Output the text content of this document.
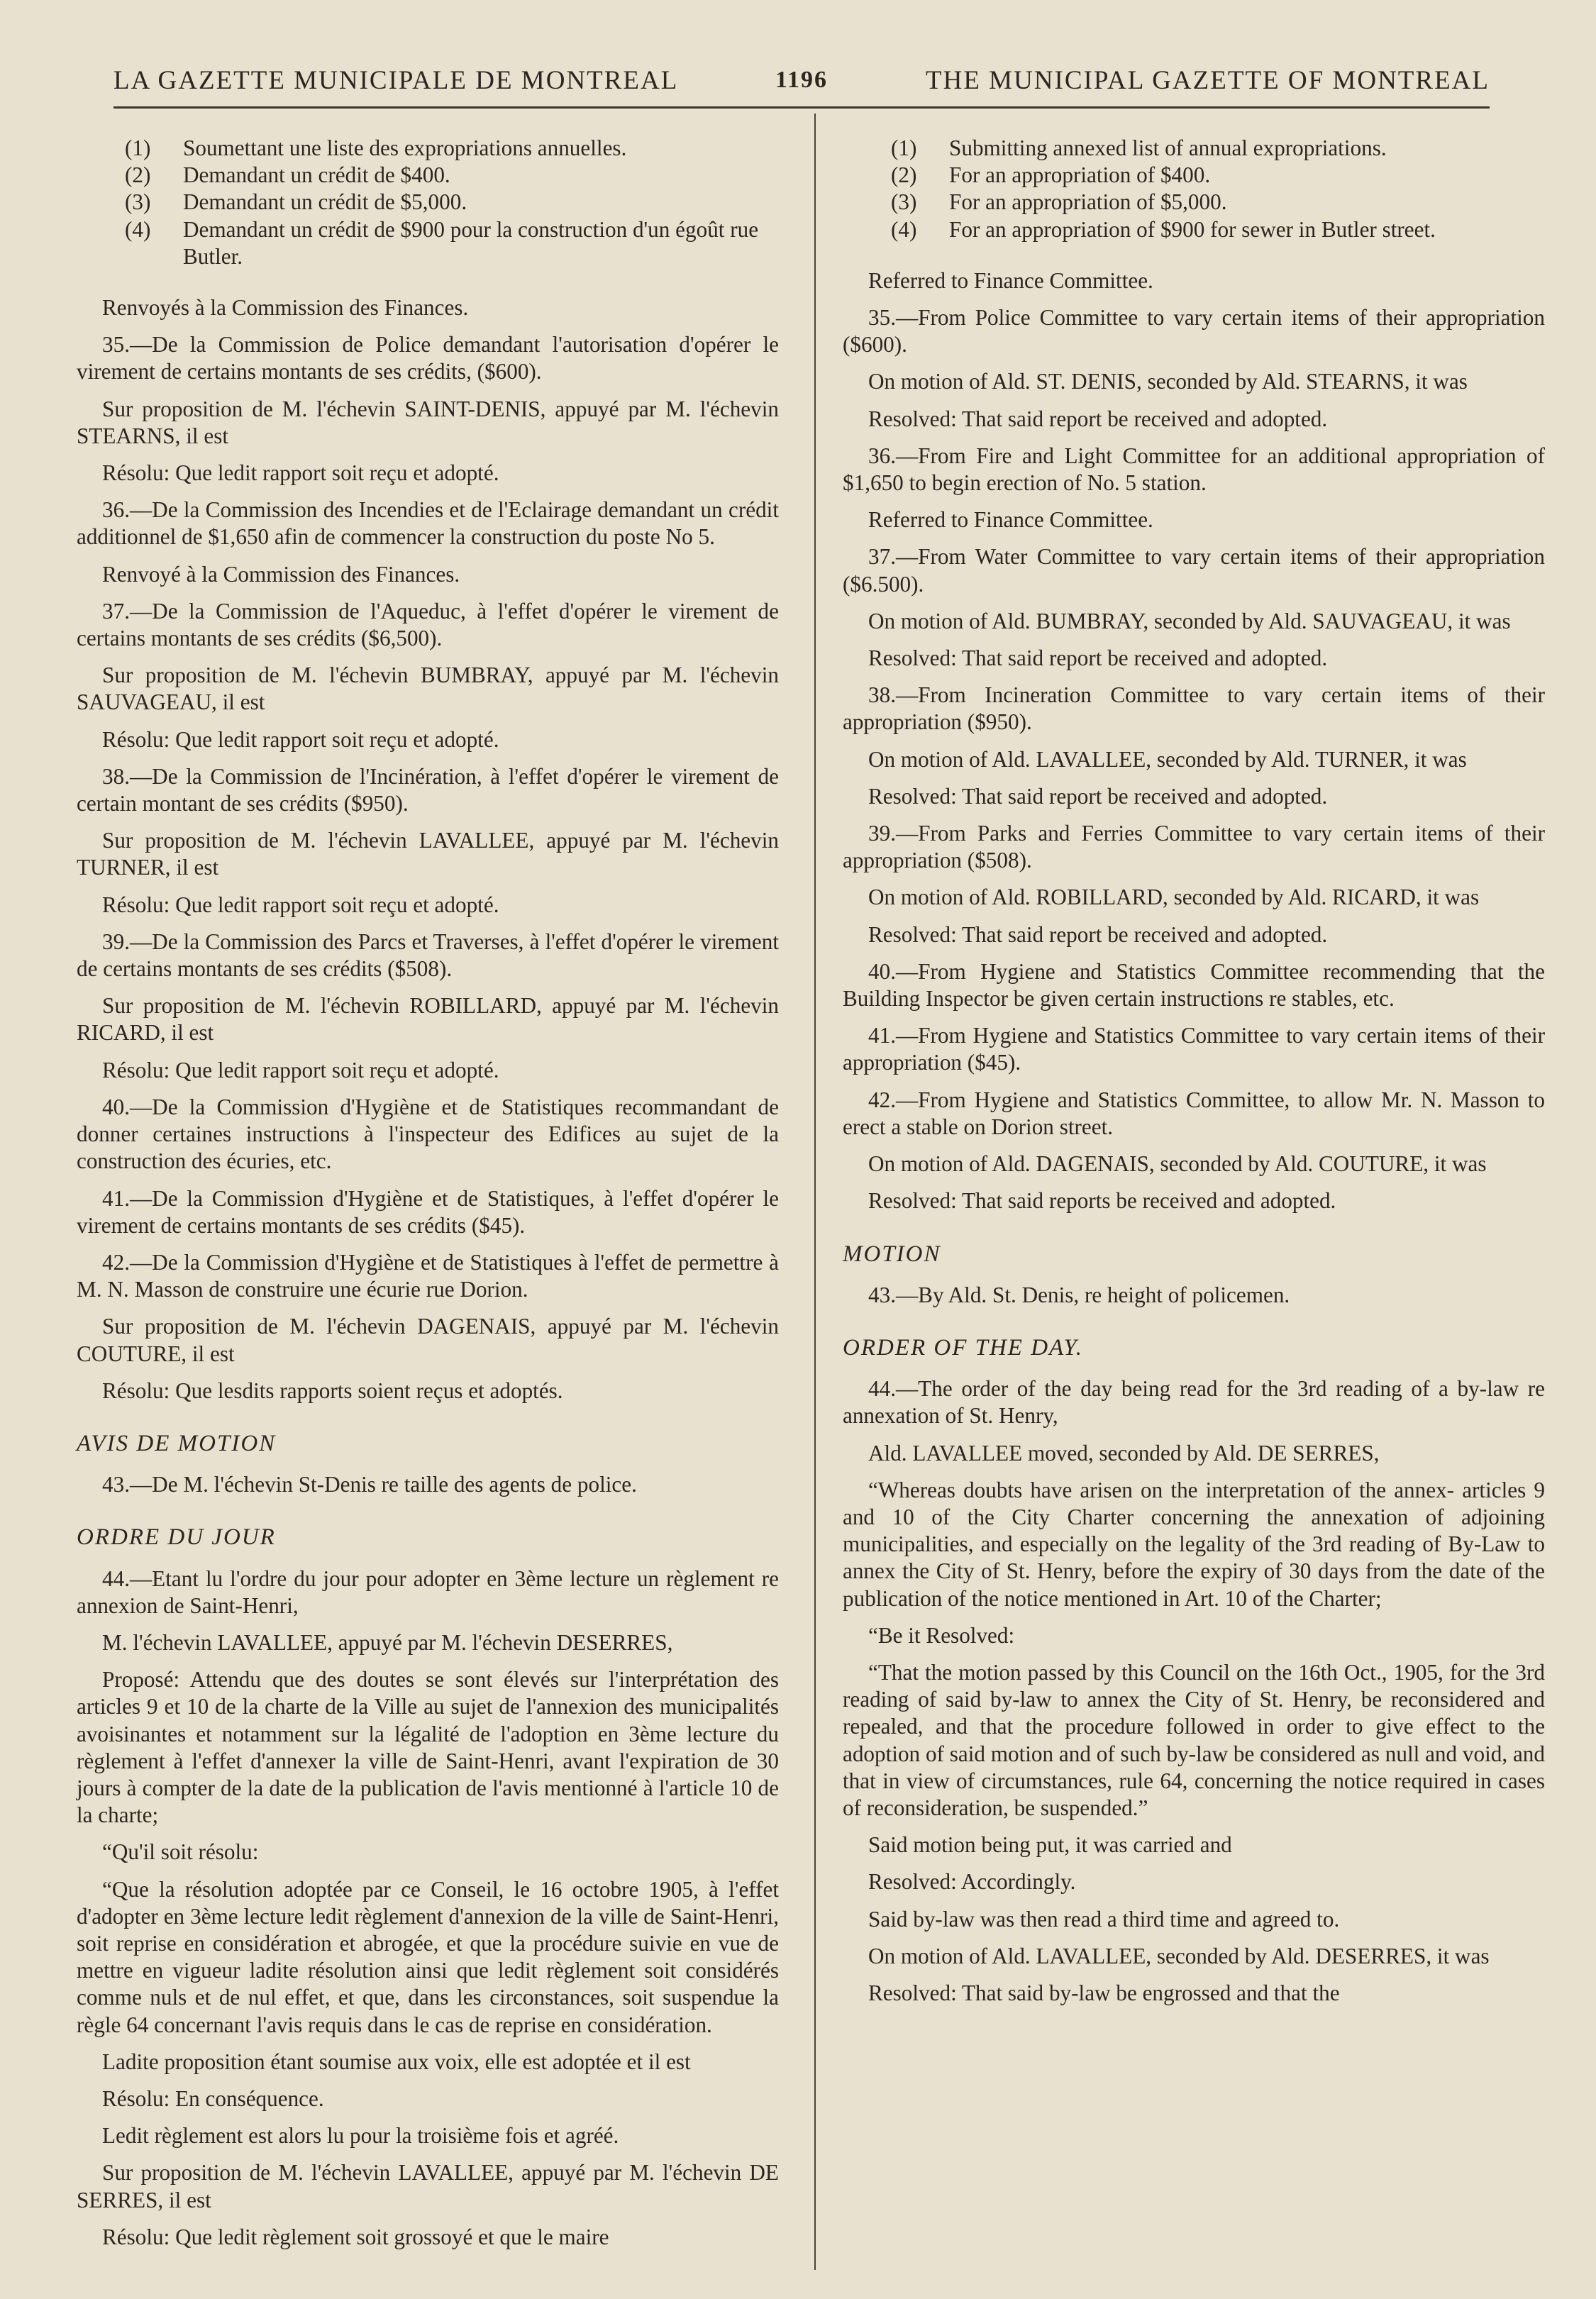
LA GAZETTE MUNICIPALE DE MONTREAL	1196	THE MUNICIPAL GAZETTE OF MONTREAL
(1)	Soumettant une liste des expropriations annuelles.
(2)	Demandant un crédit de $400.
(3)	Demandant un crédit de $5,000.
(4)	Demandant un crédit de $900 pour la construction d'un égoût rue Butler.

Renvoyés à la Commission des Finances.

35.—De la Commission de Police demandant l'autorisation d'opérer le virement de certains montants de ses crédits, ($600).

Sur proposition de M. l'échevin SAINT-DENIS, appuyé par M. l'échevin STEARNS, il est

Résolu: Que ledit rapport soit reçu et adopté.

36.—De la Commission des Incendies et de l'Eclairage demandant un crédit additionnel de $1,650 afin de commencer la construction du poste No 5.

Renvoyé à la Commission des Finances.

37.—De la Commission de l'Aqueduc, à l'effet d'opérer le virement de certains montants de ses crédits ($6,500).

Sur proposition de M. l'échevin BUMBRAY, appuyé par M. l'échevin SAUVAGEAU, il est

Résolu: Que ledit rapport soit reçu et adopté.

38.—De la Commission de l'Incinération, à l'effet d'opérer le virement de certain montant de ses crédits ($950).

Sur proposition de M. l'échevin LAVALLEE, appuyé par M. l'échevin TURNER, il est

Résolu: Que ledit rapport soit reçu et adopté.

39.—De la Commission des Parcs et Traverses, à l'effet d'opérer le virement de certains montants de ses crédits ($508).

Sur proposition de M. l'échevin ROBILLARD, appuyé par M. l'échevin RICARD, il est

Résolu: Que ledit rapport soit reçu et adopté.

40.—De la Commission d'Hygiène et de Statistiques recommandant de donner certaines instructions à l'inspecteur des Edifices au sujet de la construction des écuries, etc.

41.—De la Commission d'Hygiène et de Statistiques, à l'effet d'opérer le virement de certains montants de ses crédits ($45).

42.—De la Commission d'Hygiène et de Statistiques à l'effet de permettre à M. N. Masson de construire une écurie rue Dorion.

Sur proposition de M. l'échevin DAGENAIS, appuyé par M. l'échevin COUTURE, il est

Résolu: Que lesdits rapports soient reçus et adoptés.

AVIS DE MOTION

43.—De M. l'échevin St-Denis re taille des agents de police.

ORDRE DU JOUR

44.—Etant lu l'ordre du jour pour adopter en 3ème lecture un règlement re annexion de Saint-Henri,

M. l'échevin LAVALLEE, appuyé par M. l'échevin DESERRES,

Proposé: Attendu que des doutes se sont élevés sur l'interprétation des articles 9 et 10 de la charte de la Ville au sujet de l'annexion des municipalités avoisinantes et notamment sur la légalité de l'adoption en 3ème lecture du règlement à l'effet d'annexer la ville de Saint-Henri, avant l'expiration de 30 jours à compter de la date de la publication de l'avis mentionné à l'article 10 de la charte;

“Qu'il soit résolu:

“Que la résolution adoptée par ce Conseil, le 16 octobre 1905, à l'effet d'adopter en 3ème lecture ledit règlement d'annexion de la ville de Saint-Henri, soit reprise en considération et abrogée, et que la procédure suivie en vue de mettre en vigueur ladite résolution ainsi que ledit règlement soit considérés comme nuls et de nul effet, et que, dans les circonstances, soit suspendue la règle 64 concernant l'avis requis dans le cas de reprise en considération.

Ladite proposition étant soumise aux voix, elle est adoptée et il est

Résolu: En conséquence.

Ledit règlement est alors lu pour la troisième fois et agréé.

Sur proposition de M. l'échevin LAVALLEE, appuyé par M. l'échevin DE SERRES, il est

Résolu: Que ledit règlement soit grossoyé et que le maire

(1)	Submitting annexed list of annual expropriations.
(2)	For an appropriation of $400.
(3)	For an appropriation of $5,000.
(4)	For an appropriation of $900 for sewer in Butler street.

Referred to Finance Committee.

35.—From Police Committee to vary certain items of their appropriation ($600).

On motion of Ald. ST. DENIS, seconded by Ald. STEARNS, it was

Resolved: That said report be received and adopted.

36.—From Fire and Light Committee for an additional appropriation of $1,650 to begin erection of No. 5 station.

Referred to Finance Committee.

37.—From Water Committee to vary certain items of their appropriation ($6.500).

On motion of Ald. BUMBRAY, seconded by Ald. SAUVAGEAU, it was

Resolved: That said report be received and adopted.

38.—From Incineration Committee to vary certain items of their appropriation ($950).

On motion of Ald. LAVALLEE, seconded by Ald. TURNER, it was

Resolved: That said report be received and adopted.

39.—From Parks and Ferries Committee to vary certain items of their appropriation ($508).

On motion of Ald. ROBILLARD, seconded by Ald. RICARD, it was

Resolved: That said report be received and adopted.

40.—From Hygiene and Statistics Committee recommending that the Building Inspector be given certain instructions re stables, etc.

41.—From Hygiene and Statistics Committee to vary certain items of their appropriation ($45).

42.—From Hygiene and Statistics Committee, to allow Mr. N. Masson to erect a stable on Dorion street.

On motion of Ald. DAGENAIS, seconded by Ald. COUTURE, it was

Resolved: That said reports be received and adopted.

MOTION

43.—By Ald. St. Denis, re height of policemen.

ORDER OF THE DAY.

44.—The order of the day being read for the 3rd reading of a by-law re annexation of St. Henry,

Ald. LAVALLEE moved, seconded by Ald. DE SERRES,

“Whereas doubts have arisen on the interpretation of the annex- articles 9 and 10 of the City Charter concerning the annexation of adjoining municipalities, and especially on the legality of the 3rd reading of By-Law to annex the City of St. Henry, before the expiry of 30 days from the date of the publication of the notice mentioned in Art. 10 of the Charter;

“Be it Resolved:

“That the motion passed by this Council on the 16th Oct., 1905, for the 3rd reading of said by-law to annex the City of St. Henry, be reconsidered and repealed, and that the procedure followed in order to give effect to the adoption of said motion and of such by-law be considered as null and void, and that in view of circumstances, rule 64, concerning the notice required in cases of reconsideration, be suspended.”

Said motion being put, it was carried and

Resolved: Accordingly.

Said by-law was then read a third time and agreed to.

On motion of Ald. LAVALLEE, seconded by Ald. DESERRES, it was

Resolved: That said by-law be engrossed and that the
